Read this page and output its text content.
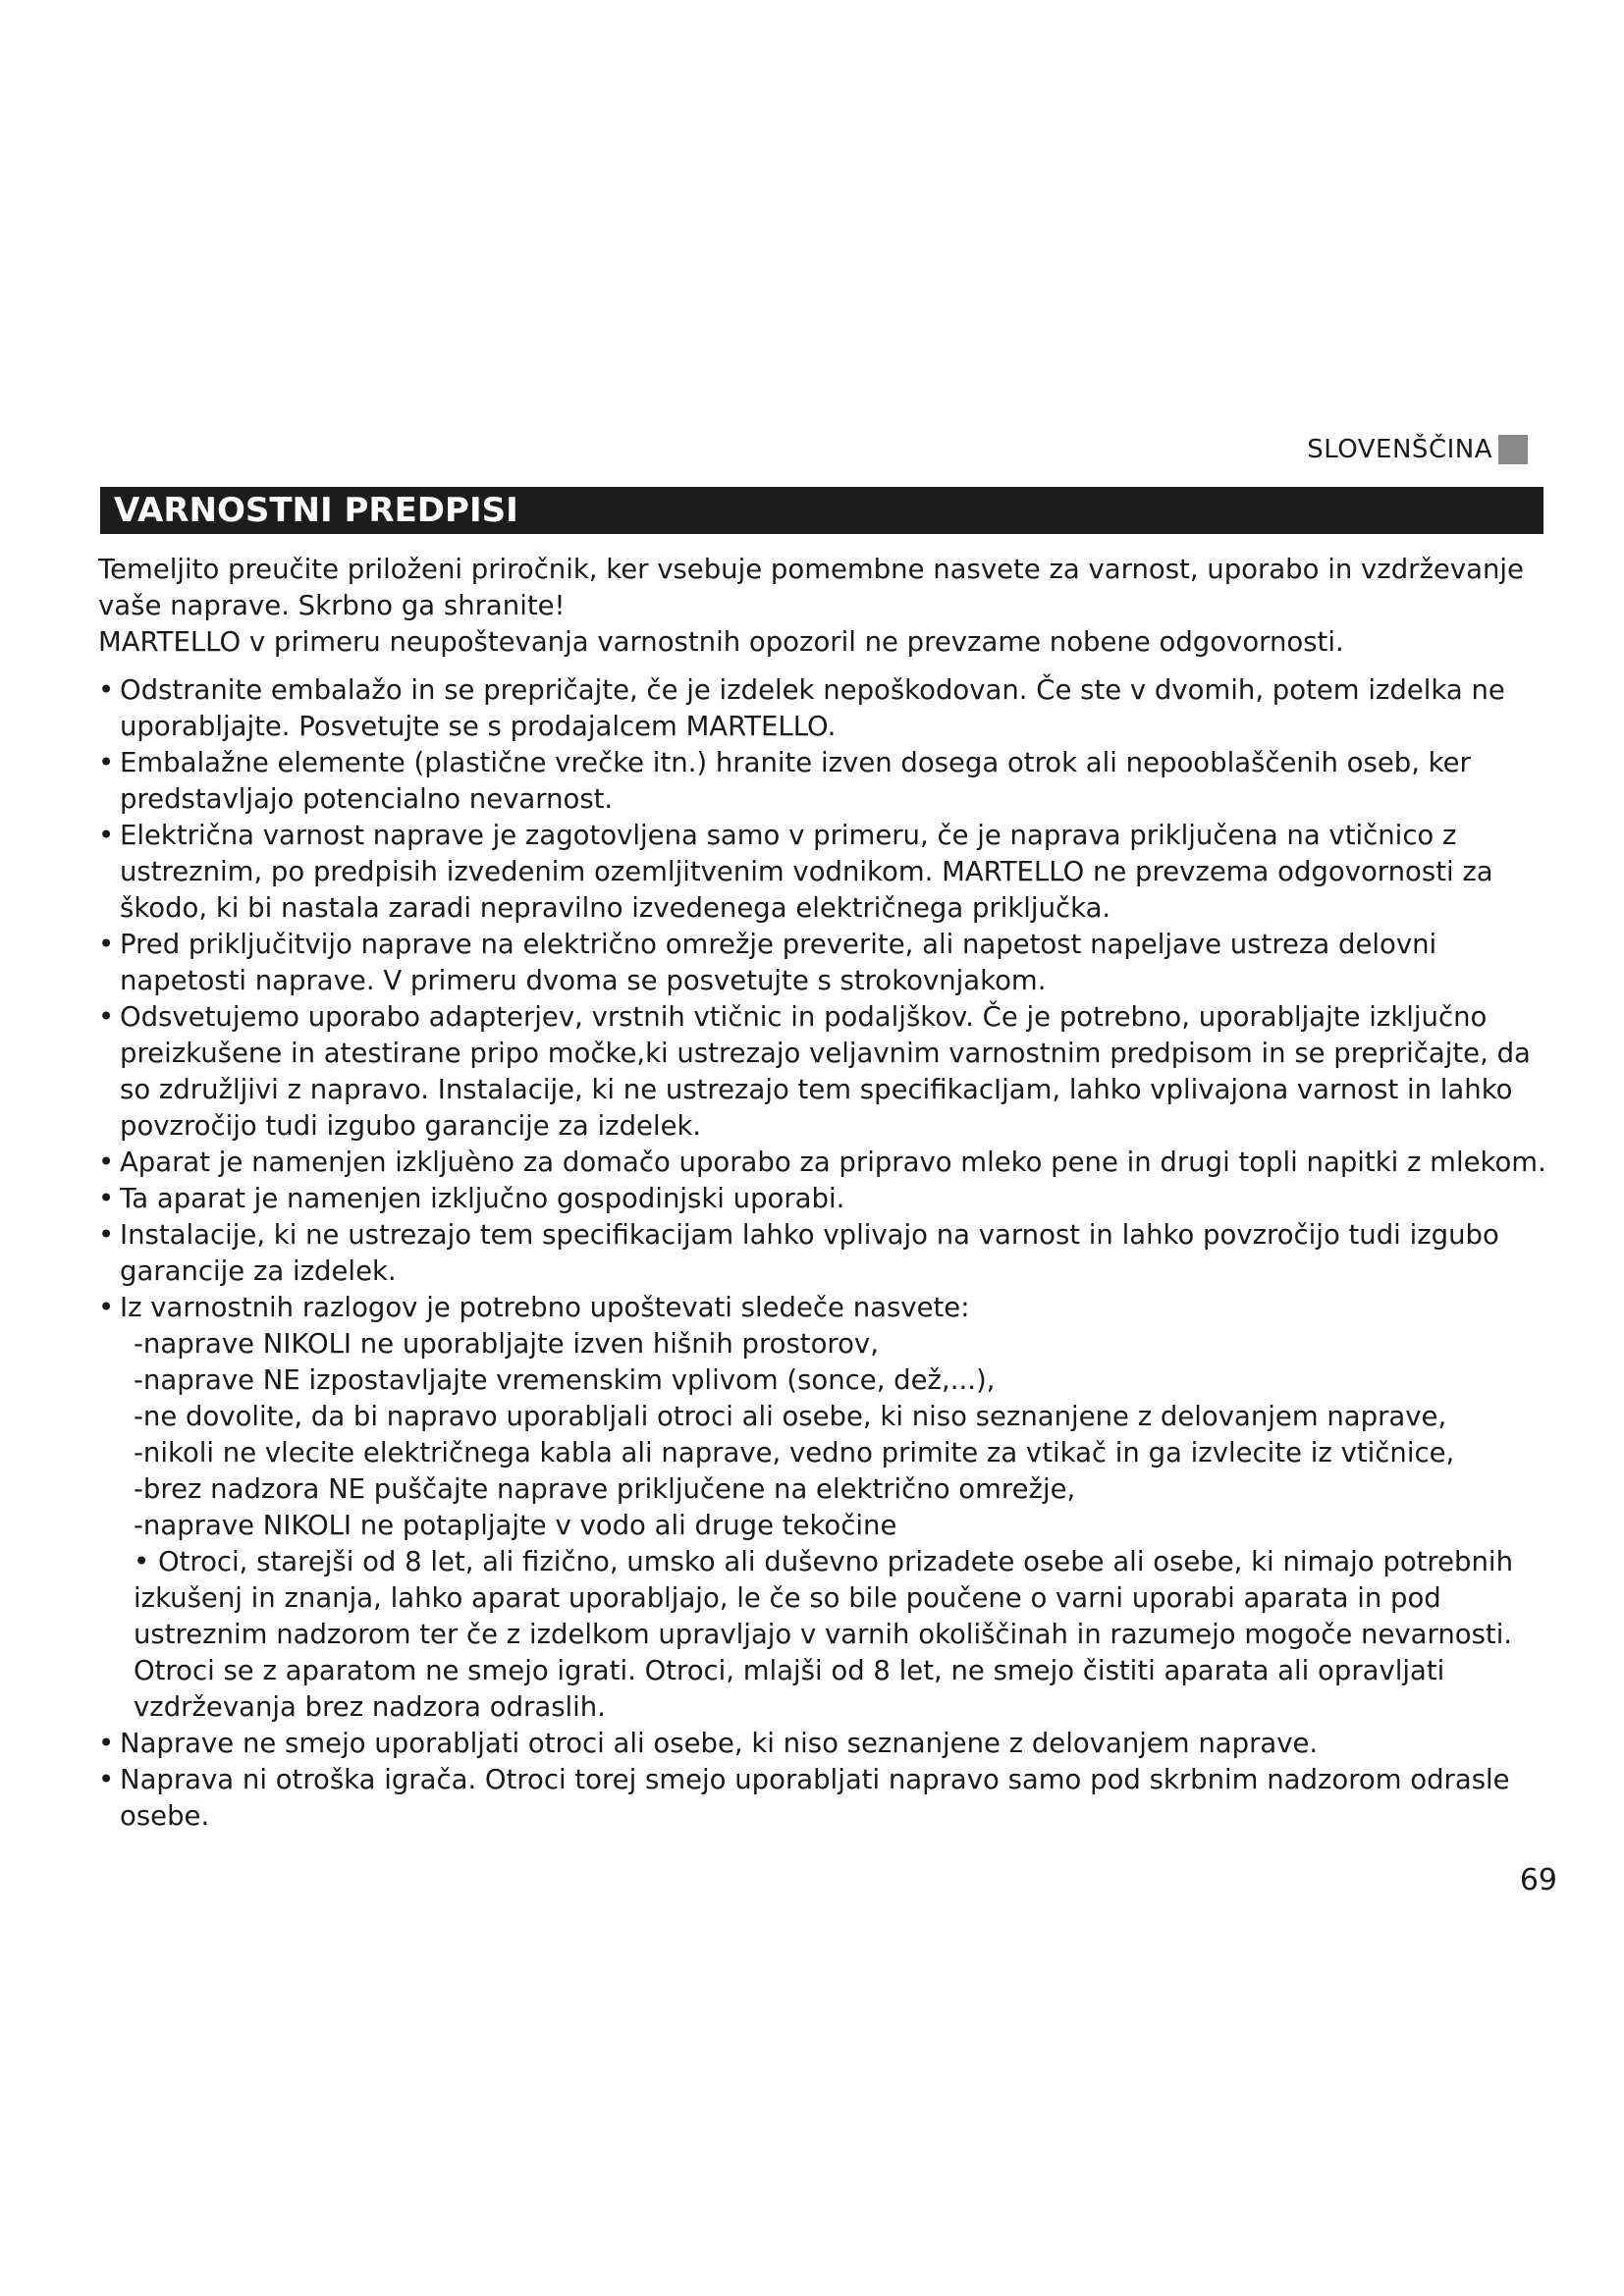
SLOVENŠČINA
VARNOSTNI PREDPISI

Temeljito preučite priloženi priročnik, ker vsebuje pomembne nasvete za varnost, uporabo in vzdrževanje vaše naprave. Skrbno ga shranite!

MARTELLO v primeru neupoštevanja varnostnih opozoril ne prevzame nobene odgovornosti.

• Odstranite embalažo in se prepričajte, če je izdelek nepoškodovan. Če ste v dvomih, potem izdelka ne uporabljajte. Posvetujte se s prodajalcem MARTELLO.
• Embalažne elemente (plastične vrečke itn.) hranite izven dosega otrok ali nepooblaščenih oseb, ker predstavljajo potencialno nevarnost.
• Električna varnost naprave je zagotovljena samo v primeru, če je naprava priključena na vtičnico z ustreznim, po predpisih izvedenim ozemljitvenim vodnikom. MARTELLO ne prevzema odgovornosti za škodo, ki bi nastala zaradi nepravilno izvedenega električnega priključka.
• Pred priključitvijo naprave na električno omrežje preverite, ali napetost napeljave ustreza delovni napetosti naprave. V primeru dvoma se posvetujte s strokovnjakom.
• Odsvetujemo uporabo adapterjev, vrstnih vtičnic in podaljškov. Če je potrebno, uporabljajte izključno preizkušene in atestirane pripo močke,ki ustrezajo veljavnim varnostnim predpisom in se prepričajte, da so združljivi z napravo. Instalacije, ki ne ustrezajo tem specifikacIjam, lahko vplivajona varnost in lahko povzročijo tudi izgubo garancije za izdelek.
• Aparat je namenjen izkljuèno za domačo uporabo za pripravo mleko pene in drugi topli napitki z mlekom.
• Ta aparat je namenjen izključno gospodinjski uporabi.
• Instalacije, ki ne ustrezajo tem specifikacijam lahko vplivajo na varnost in lahko povzročijo tudi izgubo garancije za izdelek.
• Iz varnostnih razlogov je potrebno upoštevati sledeče nasvete:

-naprave NIKOLI ne uporabljajte izven hišnih prostorov,

-naprave NE izpostavljajte vremenskim vplivom (sonce, dež,...),

-ne dovolite, da bi napravo uporabljali otroci ali osebe, ki niso seznanjene z delovanjem naprave,

-nikoli ne vlecite električnega kabla ali naprave, vedno primite za vtikač in ga izvlecite iz vtičnice,

-brez nadzora NE puščajte naprave priključene na električno omrežje,

-naprave NIKOLI ne potapljajte v vodo ali druge tekočine

• Otroci, starejši od 8 let, ali fizično, umsko ali duševno prizadete osebe ali osebe, ki nimajo potrebnih izkušenj in znanja, lahko aparat uporabljajo, le če so bile poučene o varni uporabi aparata in pod ustreznim nadzorom ter če z izdelkom upravljajo v varnih okoliščinah in razumejo mogoče nevarnosti. Otroci se z aparatom ne smejo igrati. Otroci, mlajši od 8 let, ne smejo čistiti aparata ali opravljati vzdrževanja brez nadzora odraslih.

• Naprave ne smejo uporabljati otroci ali osebe, ki niso seznanjene z delovanjem naprave.
• Naprava ni otroška igrača. Otroci torej smejo uporabljati napravo samo pod skrbnim nadzorom odrasle osebe.
69
